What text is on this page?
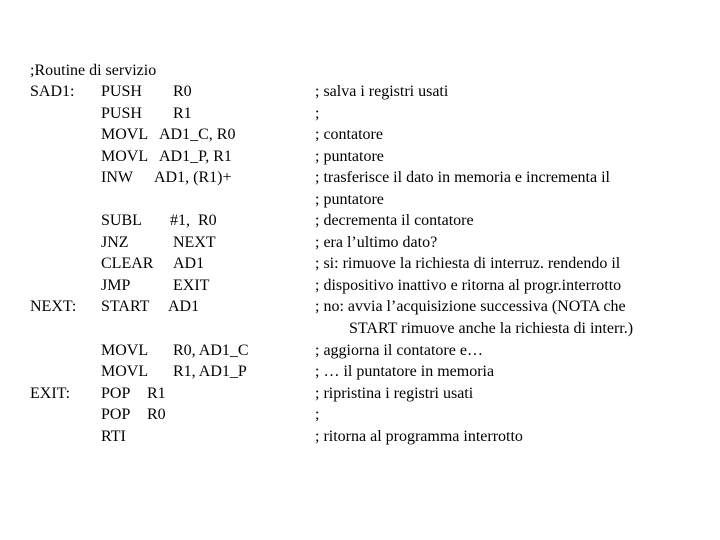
;Routine di servizio
SAD1:
NEXT:
EXIT:
PUSH
PUSH
MOVL
MOVL
INW
SUBL
JNZ
CLEAR
JMP
START
MOVL
MOVL
POP
POP
RTI
R0
R1
AD1_C, R0
AD1_P, R1
AD1, (R1)+
#1,  R0
NEXT
AD1
EXIT
AD1
R0, AD1_C
R1, AD1_P
R1
R0
; salva i registri usati
;
; contatore
; puntatore
; trasferisce il dato in memoria e incrementa il
; puntatore
; decrementa il contatore
; era l’ultimo dato?
; si: rimuove la richiesta di interruz. rendendo il
; dispositivo inattivo e ritorna al progr.interrotto
; no: avvia l’acquisizione successiva (NOTA che
START rimuove anche la richiesta di interr.)
; aggiorna il contatore e…
; … il puntatore in memoria
; ripristina i registri usati
;
; ritorna al programma interrotto
